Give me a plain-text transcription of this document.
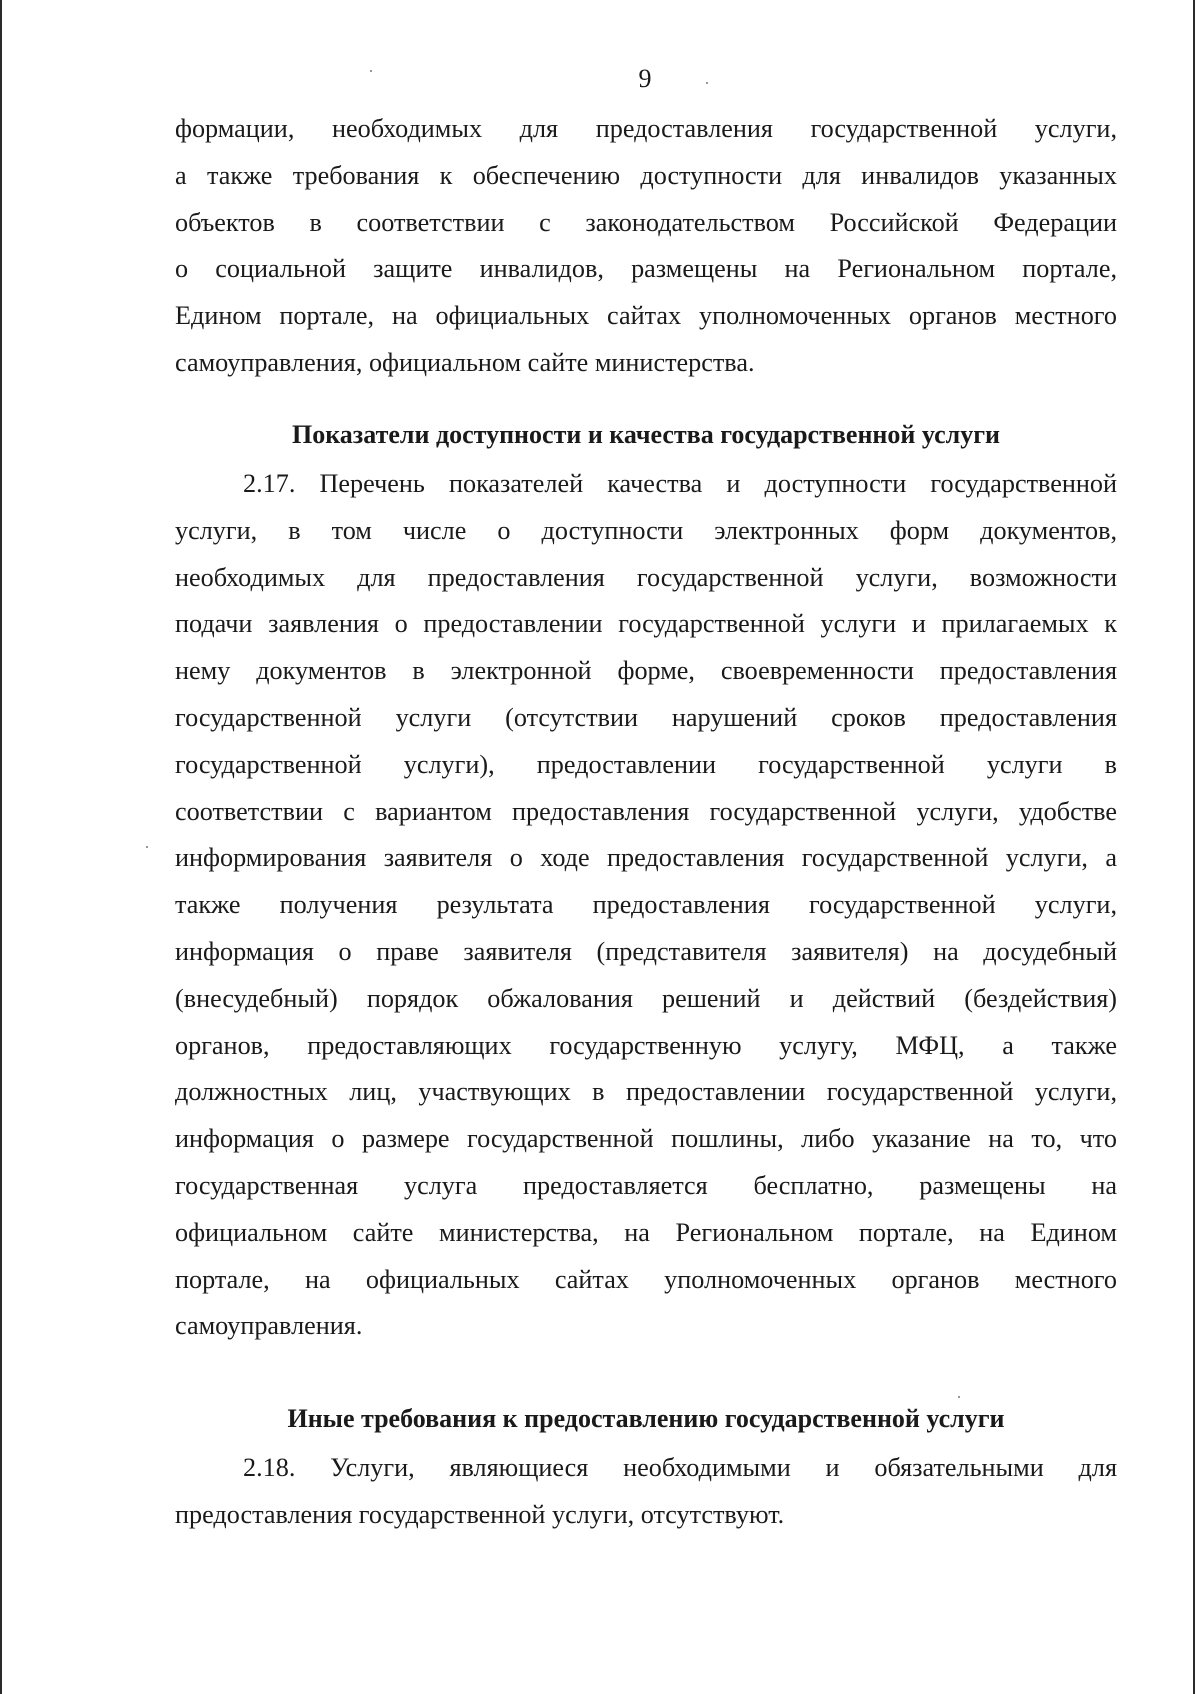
9
формации, необходимых для предоставления государственной услуги,
а также требования к обеспечению доступности для инвалидов указанных
объектов в соответствии с законодательством Российской Федерации
о социальной защите инвалидов, размещены на Региональном портале,
Едином портале, на официальных сайтах уполномоченных органов местного
самоуправления, официальном сайте министерства.
Показатели доступности и качества государственной услуги
2.17. Перечень показателей качества и доступности государственной
услуги, в том числе о доступности электронных форм документов,
необходимых для предоставления государственной услуги, возможности
подачи заявления о предоставлении государственной услуги и прилагаемых к
нему документов в электронной форме, своевременности предоставления
государственной услуги (отсутствии нарушений сроков предоставления
государственной услуги), предоставлении государственной услуги в
соответствии с вариантом предоставления государственной услуги, удобстве
информирования заявителя о ходе предоставления государственной услуги, а
также получения результата предоставления государственной услуги,
информация о праве заявителя (представителя заявителя) на досудебный
(внесудебный) порядок обжалования решений и действий (бездействия)
органов, предоставляющих государственную услугу, МФЦ, а также
должностных лиц, участвующих в предоставлении государственной услуги,
информация о размере государственной пошлины, либо указание на то, что
государственная услуга предоставляется бесплатно, размещены на
официальном сайте министерства, на Региональном портале, на Едином
портале, на официальных сайтах уполномоченных органов местного
самоуправления.
Иные требования к предоставлению государственной услуги
2.18. Услуги, являющиеся необходимыми и обязательными для
предоставления государственной услуги, отсутствуют.
